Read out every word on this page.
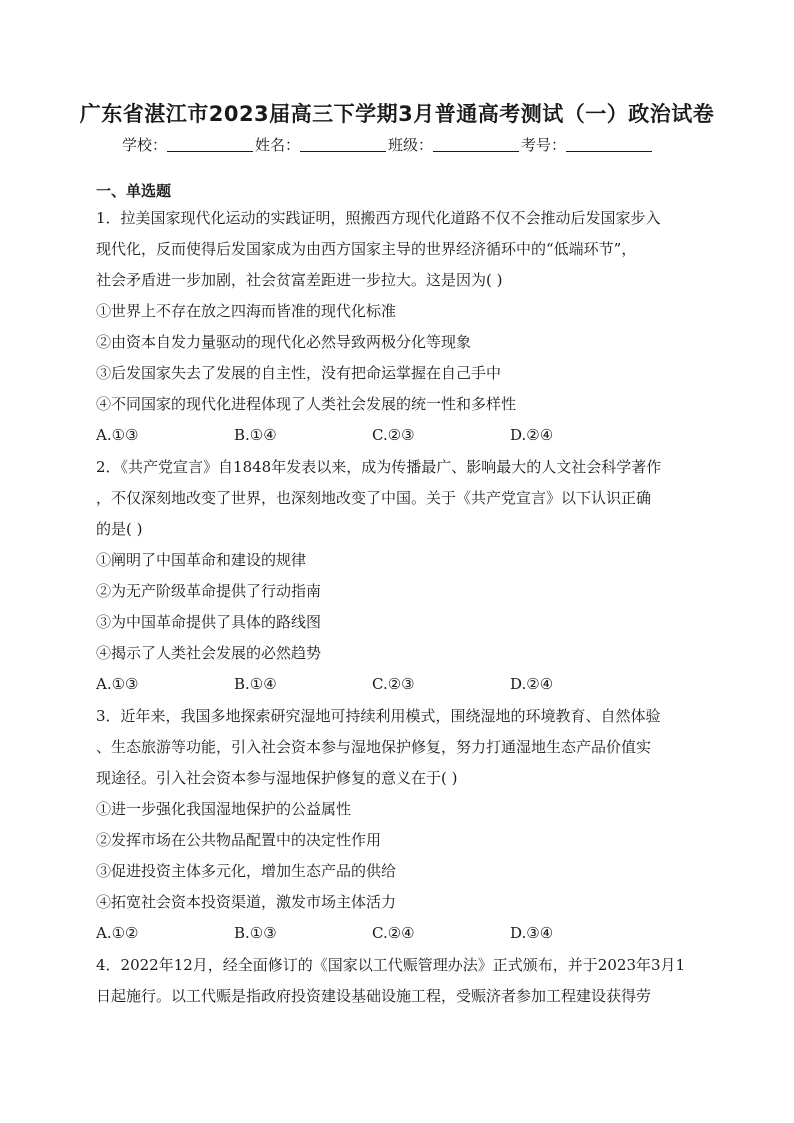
广东省湛江市2023届高三下学期3月普通高考测试（一）政治试卷
学校：	姓名：	班级：	考号：
一、单选题
1．拉美国家现代化运动的实践证明，照搬西方现代化道路不仅不会推动后发国家步入
现代化，反而使得后发国家成为由西方国家主导的世界经济循环中的“低端环节”，
社会矛盾进一步加剧，社会贫富差距进一步拉大。这是因为( )
①世界上不存在放之四海而皆准的现代化标准
②由资本自发力量驱动的现代化必然导致两极分化等现象
③后发国家失去了发展的自主性，没有把命运掌握在自己手中
④不同国家的现代化进程体现了人类社会发展的统一性和多样性
A.①③	B.①④	C.②③	D.②④
2．《共产党宣言》自1848年发表以来，成为传播最广、影响最大的人文社会科学著作
，不仅深刻地改变了世界，也深刻地改变了中国。关于《共产党宣言》以下认识正确
的是( )
①阐明了中国革命和建设的规律
②为无产阶级革命提供了行动指南
③为中国革命提供了具体的路线图
④揭示了人类社会发展的必然趋势
A.①③	B.①④	C.②③	D.②④
3．近年来，我国多地探索研究湿地可持续利用模式，围绕湿地的环境教育、自然体验
、生态旅游等功能，引入社会资本参与湿地保护修复，努力打通湿地生态产品价值实
现途径。引入社会资本参与湿地保护修复的意义在于( )
①进一步强化我国湿地保护的公益属性
②发挥市场在公共物品配置中的决定性作用
③促进投资主体多元化，增加生态产品的供给
④拓宽社会资本投资渠道，激发市场主体活力
A.①②	B.①③	C.②④	D.③④
4．2022年12月，经全面修订的《国家以工代赈管理办法》正式颁布，并于2023年3月1
日起施行。以工代赈是指政府投资建设基础设施工程，受赈济者参加工程建设获得劳
